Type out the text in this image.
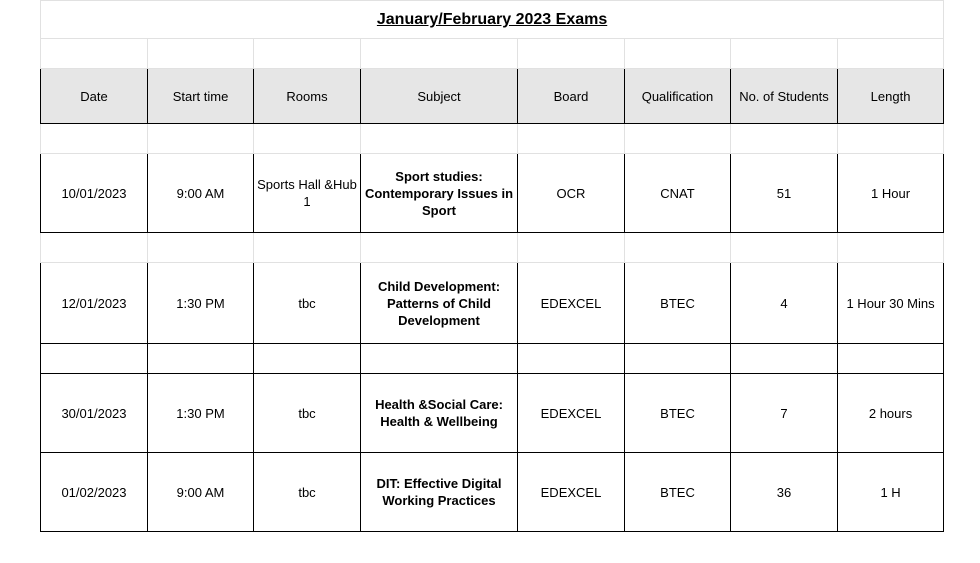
January/February 2023 Exams							

Date	Start time	Rooms	Subject	Board	Qualification	No. of Students	Length

10/01/2023	9:00 AM	Sports Hall &Hub 1	Sport studies: Contemporary Issues in Sport	OCR	CNAT	51	1 Hour

12/01/2023	1:30 PM	tbc	Child Development: Patterns of Child Development	EDEXCEL	BTEC	4	1 Hour 30 Mins

30/01/2023	1:30 PM	tbc	Health &Social Care: Health & Wellbeing	EDEXCEL	BTEC	7	2 hours
01/02/2023	9:00 AM	tbc	DIT: Effective Digital Working Practices	EDEXCEL	BTEC	36	1 H
